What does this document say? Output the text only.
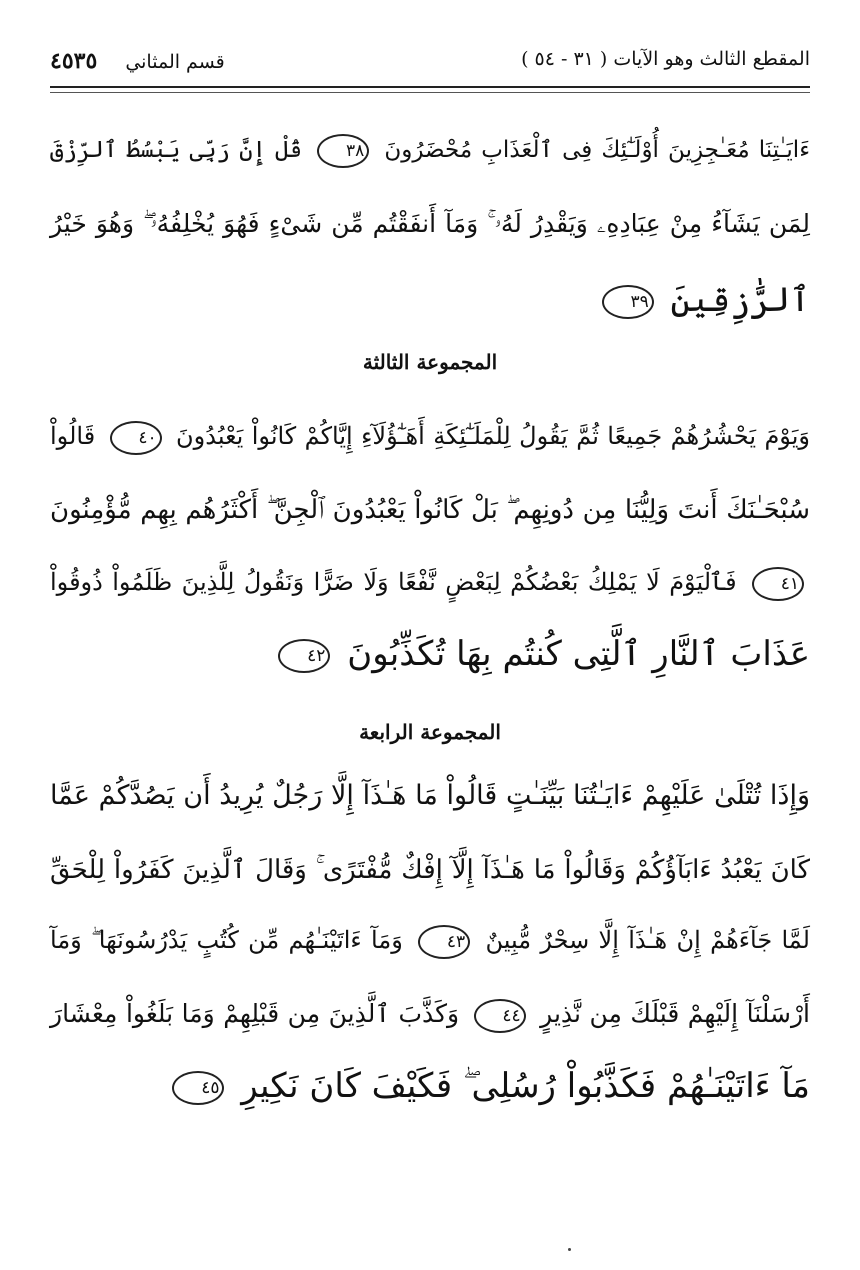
المقطع الثالث وهو الآيات ( ٣١ - ٥٤ )
قسم المثاني ٤٥٣٥
ءَايَـٰتِنَا مُعَـٰجِزِينَ أُوْلَـٰٓئِكَ فِى ٱلْعَذَابِ مُحْضَرُونَ ٣٨ قُلْ إِنَّ رَبِّى يَبْسُطُ ٱلرِّزْقَ
لِمَن يَشَآءُ مِنْ عِبَادِهِۦ وَيَقْدِرُ لَهُۥ ۚ وَمَآ أَنفَقْتُم مِّن شَىْءٍ فَهُوَ يُخْلِفُهُۥ ۖ وَهُوَ خَيْرُ
ٱلرَّٰزِقِينَ ٣٩
المجموعة الثالثة
وَيَوْمَ يَحْشُرُهُمْ جَمِيعًا ثُمَّ يَقُولُ لِلْمَلَـٰٓئِكَةِ أَهَـٰٓؤُلَآءِ إِيَّاكُمْ كَانُواْ يَعْبُدُونَ ٤٠ قَالُواْ
سُبْحَـٰنَكَ أَنتَ وَلِيُّنَا مِن دُونِهِم ۖ بَلْ كَانُواْ يَعْبُدُونَ ٱلْجِنَّ ۖ أَكْثَرُهُم بِهِم مُّؤْمِنُونَ
٤١ فَٱلْيَوْمَ لَا يَمْلِكُ بَعْضُكُمْ لِبَعْضٍ نَّفْعًا وَلَا ضَرًّا وَنَقُولُ لِلَّذِينَ ظَلَمُواْ ذُوقُواْ
عَذَابَ ٱلنَّارِ ٱلَّتِى كُنتُم بِهَا تُكَذِّبُونَ ٤٢
المجموعة الرابعة
وَإِذَا تُتْلَىٰ عَلَيْهِمْ ءَايَـٰتُنَا بَيِّنَـٰتٍ قَالُواْ مَا هَـٰذَآ إِلَّا رَجُلٌ يُرِيدُ أَن يَصُدَّكُمْ عَمَّا
كَانَ يَعْبُدُ ءَابَآؤُكُمْ وَقَالُواْ مَا هَـٰذَآ إِلَّآ إِفْكٌ مُّفْتَرًى ۚ وَقَالَ ٱلَّذِينَ كَفَرُواْ لِلْحَقِّ
لَمَّا جَآءَهُمْ إِنْ هَـٰذَآ إِلَّا سِحْرٌ مُّبِينٌ ٤٣ وَمَآ ءَاتَيْنَـٰهُم مِّن كُتُبٍ يَدْرُسُونَهَا ۖ وَمَآ
أَرْسَلْنَآ إِلَيْهِمْ قَبْلَكَ مِن نَّذِيرٍ ٤٤ وَكَذَّبَ ٱلَّذِينَ مِن قَبْلِهِمْ وَمَا بَلَغُواْ مِعْشَارَ
مَآ ءَاتَيْنَـٰهُمْ فَكَذَّبُواْ رُسُلِى ۖ فَكَيْفَ كَانَ نَكِيرِ ٤٥
